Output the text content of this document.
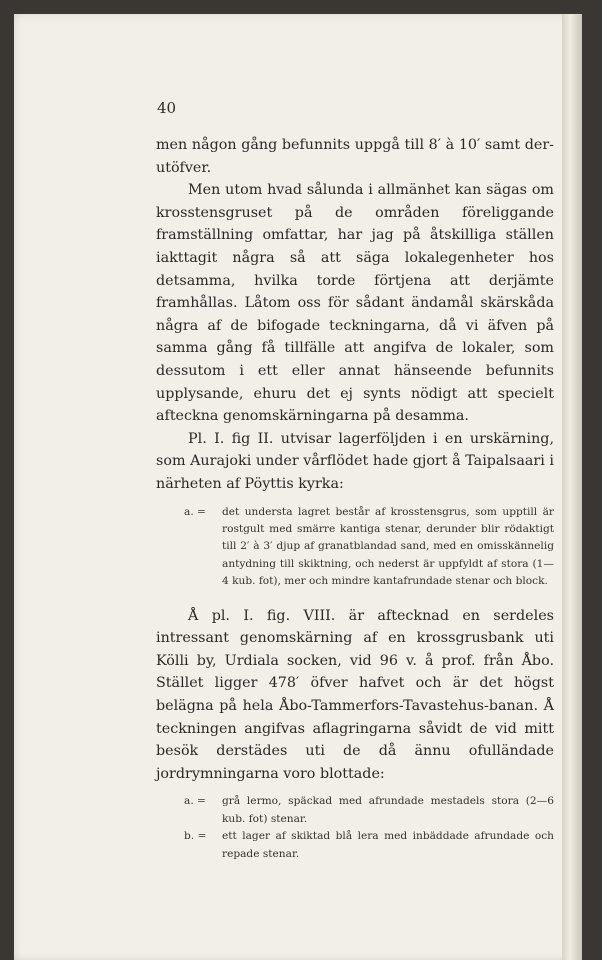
40

men någon gång befunnits uppgå till 8′ à 10′ samt derutöfver.

Men utom hvad sålunda i allmänhet kan sägas om krosstensgruset på de områden föreliggande framställning omfattar, har jag på åtskilliga ställen iakttagit några så att säga lokalegenheter hos detsamma, hvilka torde förtjena att derjämte framhållas. Låtom oss för sådant ändamål skärskåda några af de bifogade teckningarna, då vi äfven på samma gång få tillfälle att angifva de lokaler, som dessutom i ett eller annat hänseende befunnits upplysande, ehuru det ej synts nödigt att specielt afteckna genomskärningarna på desamma.

Pl. I. fig II. utvisar lagerföljden i en urskärning, som Aurajoki under vårflödet hade gjort å Taipalsaari i närheten af Pöyttis kyrka:

a. =	det understa lagret består af krosstensgrus, som upptill är rostgult med smärre kantiga stenar, derunder blir rödaktigt till 2′ à 3′ djup af granatblandad sand, med en omisskännelig antydning till skiktning, och nederst är uppfyldt af stora (1—4 kub. fot), mer och mindre kantafrundade stenar och block.

Å pl. I. fig. VIII. är aftecknad en serdeles intressant genomskärning af en krossgrusbank uti Kölli by, Urdiala socken, vid 96 v. å prof. från Åbo. Stället ligger 478′ öfver hafvet och är det högst belägna på hela Åbo-Tammerfors-Tavastehus-banan. Å teckningen angifvas aflagringarna såvidt de vid mitt besök derstädes uti de då ännu ofulländade jordrymningarna voro blottade:

a. =	grå lermo, späckad med afrundade mestadels stora (2—6 kub. fot) stenar.
b. =	ett lager af skiktad blå lera med inbäddade afrundade och repade stenar.
